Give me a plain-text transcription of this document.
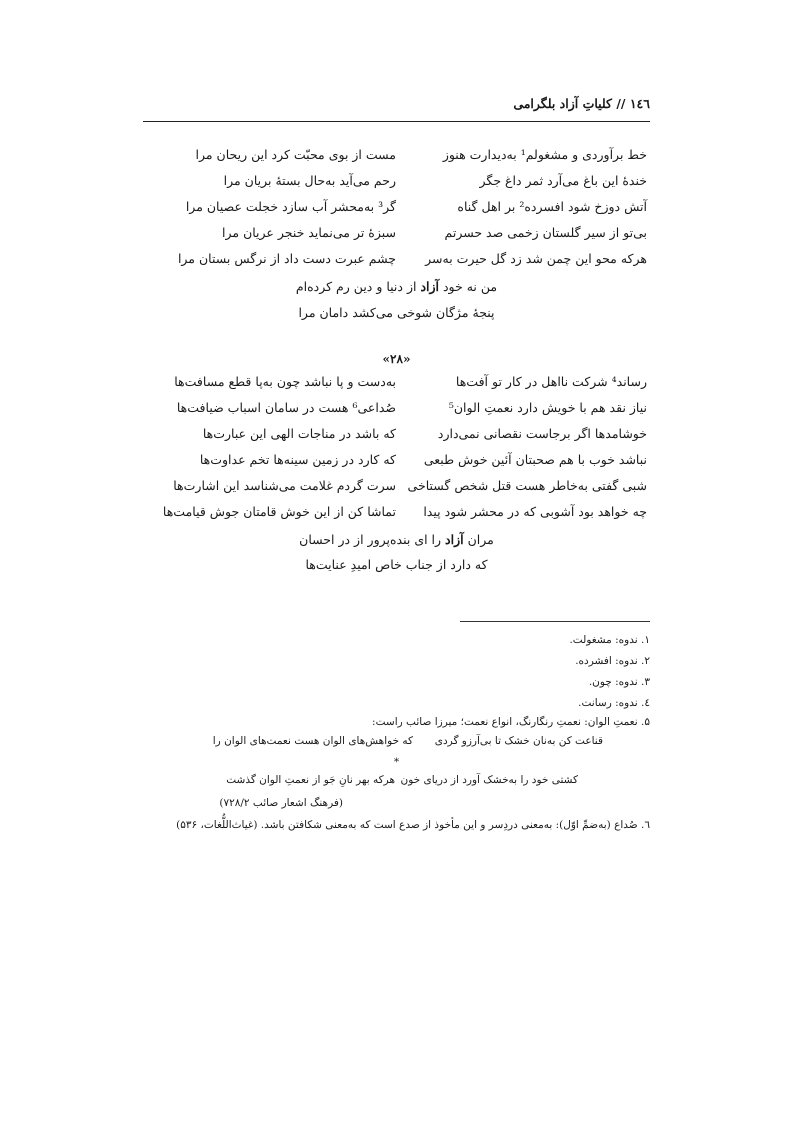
١٤٦ // کلیاتِ آزاد بلگرامی
خط برآوردی و مشغولم¹ به‌دیدارت هنوز
مست از بوی محبّت کرد این ریحان مرا
خندهٔ این باغ می‌آرد ثمر داغ جگر
رحم می‌آید به‌حال بستهٔ بریان مرا
آتش دوزخ شود افسرده² بر اهل گناه
گر³ به‌محشر آب سازد خجلت عصیان مرا
بی‌تو از سیر گلستان زخمی صد حسرتم
سبزهٔ تر می‌نماید خنجر عریان مرا
هرکه محو این چمن شد زد گل حیرت به‌سر
چشم عبرت دست داد از نرگس بستان مرا
من نه خود آزاد از دنیا و دین رم کرده‌ام
پنجهٔ مژگان شوخی می‌کشد دامان مرا
«۲۸»
رساند⁴ شرکت نااهل در کار تو آفت‌ها
به‌دست و پا نباشد چون به‌پا قطع مسافت‌ها
نیاز نقد هم با خویش دارد نعمتِ الوان⁵
صُداعی⁶ هست در سامان اسباب ضیافت‌ها
خوشامدها اگر برجاست نقصانی نمی‌دارد
که باشد در مناجات الهی این عبارت‌ها
نباشد خوب با هم صحبتان آئین خوش طبعی
که کارد در زمین سینه‌ها تخم عداوت‌ها
شبی گفتی به‌خاطر هست قتل شخص گستاخی
سرت گردم غلامت می‌شناسد این اشارت‌ها
چه خواهد بود آشوبی که در محشر شود پیدا
تماشا کن از این خوش قامتان جوش قیامت‌ها
مران آزاد را ای بنده‌پرور از در احسان
که دارد از جناب خاص امیدِ عنایت‌ها
۱. ندوه: مشغولت.
۲. ندوه: افشرده.
۳. ندوه: چون.
٤. ندوه: رسانت.
۵. نعمتِ الوان: نعمتِ رنگارنگ، انواع نعمت؛ میرزا صائب راست:
قناعت کن به‌نان خشک تا بی‌آرزو گردی
که خواهش‌های الوان هست نعمت‌های الوان را
*
کشتی خود را به‌خشک آورد از دریای خون
هرکه بهر نانِ جَو از نعمتِ الوان گذشت
(فرهنگ اشعار صائب ۷۲۸/۲)
٦. صُداع (به‌ضمِّ اوّل): به‌معنی دردِسر و این مأخوذ از صدع است که به‌معنی شکافتن باشد. (غیاث‌اللُّغات، ۵۳۶)
